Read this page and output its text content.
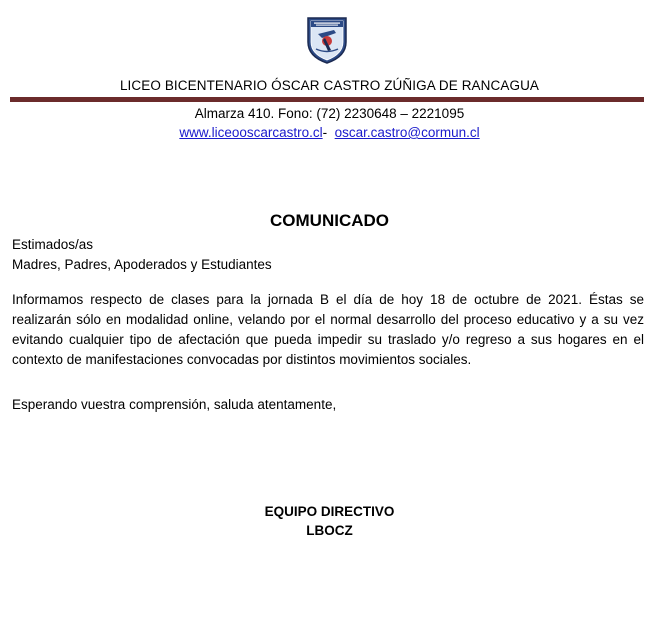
LICEO BICENTENARIO ÓSCAR CASTRO ZÚÑIGA DE RANCAGUA
Almarza 410. Fono: (72) 2230648 – 2221095
www.liceooscarcastro.cl- oscar.castro@cormun.cl
COMUNICADO
Estimados/as
Madres, Padres, Apoderados y Estudiantes
Informamos respecto de clases para la jornada B el día de hoy 18 de octubre de 2021. Éstas se realizarán sólo en modalidad online, velando por el normal desarrollo del proceso educativo y a su vez evitando cualquier tipo de afectación que pueda impedir su traslado y/o regreso a sus hogares en el contexto de manifestaciones convocadas por distintos movimientos sociales.
Esperando vuestra comprensión, saluda atentamente,
EQUIPO DIRECTIVO
LBOCZ
